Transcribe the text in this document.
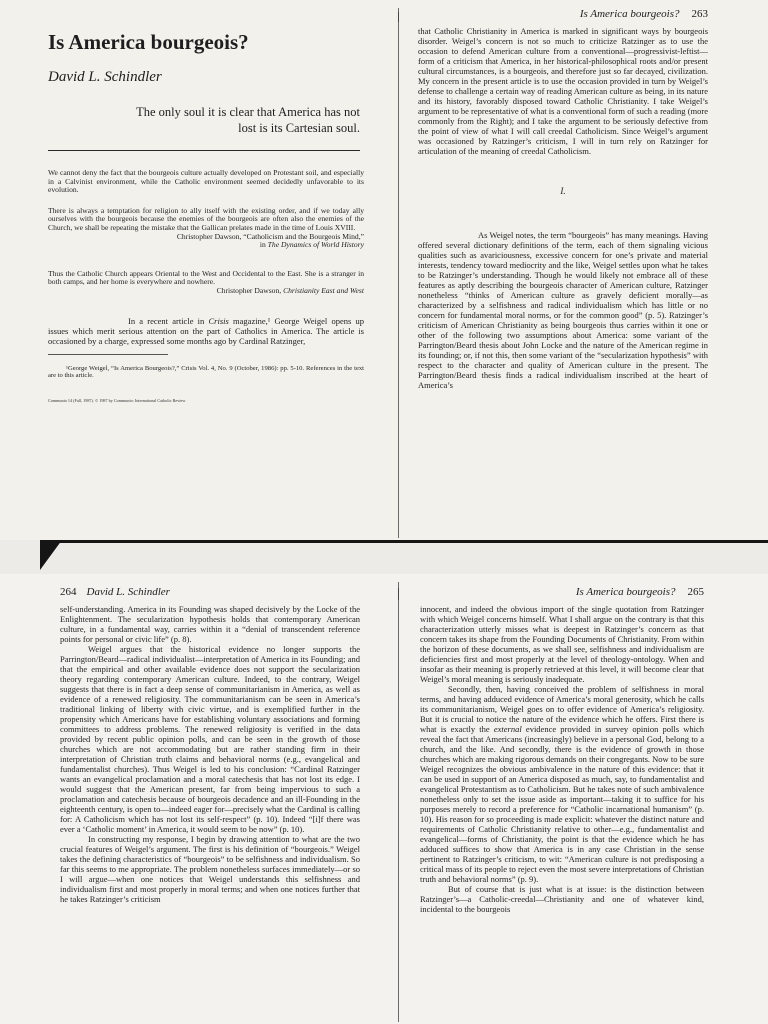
Is America bourgeois?

David L. Schindler

The only soul it is clear that America has not lost is its Cartesian soul.

We cannot deny the fact that the bourgeois culture actually developed on Protestant soil, and especially in a Calvinist environment, while the Catholic environment seemed decidedly unfavorable to its evolution.

There is always a temptation for religion to ally itself with the existing order, and if we today ally ourselves with the bourgeois because the enemies of the bourgeois are often also the enemies of the Church, we shall be repeating the mistake that the Gallican prelates made in the time of Louis XVIII.

Christopher Dawson, “Catholicism and the Bourgeois Mind,”

in The Dynamics of World History

Thus the Catholic Church appears Oriental to the West and Occidental to the East. She is a stranger in both camps, and her home is everywhere and nowhere.

Christopher Dawson, Christianity East and West

In a recent article in Crisis magazine,¹ George Weigel opens up issues which merit serious attention on the part of Catholics in America. The article is occasioned by a charge, expressed some months ago by Cardinal Ratzinger,

¹George Weigel, “Is America Bourgeois?,” Crisis Vol. 4, No. 9 (October, 1986): pp. 5-10. References in the text are to this article.

Communio 14 (Fall, 1987). © 1987 by Communio: International Catholic Review

Is America bourgeois? 263

that Catholic Christianity in America is marked in significant ways by bourgeois disorder. Weigel’s concern is not so much to criticize Ratzinger as to use the occasion to defend American culture from a conventional—progressivist-leftist—form of a criticism that America, in her historical-philosophical roots and/or present cultural circumstances, is a bourgeois, and therefore just so far decayed, civilization. My concern in the present article is to use the occasion provided in turn by Weigel’s defense to challenge a certain way of reading American culture as being, in its nature and its history, favorably disposed toward Catholic Christianity. I take Weigel’s argument to be representative of what is a conventional form of such a reading (more commonly from the Right); and I take the argument to be seriously defective from the point of view of what I will call creedal Catholicism. Since Weigel’s argument was occasioned by Ratzinger’s criticism, I will in turn rely on Ratzinger for articulation of the meaning of creedal Catholicism.

I.

As Weigel notes, the term “bourgeois” has many meanings. Having offered several dictionary definitions of the term, each of them signaling vicious qualities such as avariciousness, excessive concern for one’s private and material interests, tendency toward mediocrity and the like, Weigel settles upon what he takes to be Ratzinger’s understanding. Though he would likely not embrace all of these features as aptly describing the bourgeois character of American culture, Ratzinger nonetheless “thinks of American culture as gravely deficient morally—as characterized by a selfishness and radical individualism which has little or no concern for fundamental moral norms, or for the common good” (p. 5). Ratzinger’s criticism of American Christianity as being bourgeois thus carries within it one or other of the following two assumptions about America: some variant of the Parrington/Beard thesis about John Locke and the nature of the American regime in its founding; or, if not this, then some variant of the “secularization hypothesis” with respect to the character and quality of American culture in the present. The Parrington/Beard thesis finds a radical individualism inscribed at the heart of America’s

264 David L. Schindler

self-understanding. America in its Founding was shaped decisively by the Locke of the Enlightenment. The secularization hypothesis holds that contemporary American culture, in a fundamental way, carries within it a “denial of transcendent reference points for personal or civic life” (p. 8).

Weigel argues that the historical evidence no longer supports the Parrington/Beard—radical individualist—interpretation of America in its Founding; and that the empirical and other available evidence does not support the secularization theory regarding contemporary American culture. Indeed, to the contrary, Weigel suggests that there is in fact a deep sense of communitarianism in America, as well as evidence of a renewed religiosity. The communitarianism can be seen in America’s traditional linking of liberty with civic virtue, and is exemplified further in the propensity which Americans have for establishing voluntary associations and forming committees to address problems. The renewed religiosity is verified in the data provided by recent public opinion polls, and can be seen in the growth of those churches which are not accommodating but are rather standing firm in their interpretation of Christian truth claims and behavioral norms (e.g., evangelical and fundamentalist churches). Thus Weigel is led to his conclusion: “Cardinal Ratzinger wants an evangelical proclamation and a moral catechesis that has not lost its edge. I would suggest that the American present, far from being impervious to such a proclamation and catechesis because of bourgeois decadence and an ill-Founding in the eighteenth century, is open to—indeed eager for—precisely what the Cardinal is calling for: A Catholicism which has not lost its self-respect” (p. 10). Indeed “[i]f there was ever a ‘Catholic moment’ in America, it would seem to be now” (p. 10).

In constructing my response, I begin by drawing attention to what are the two crucial features of Weigel’s argument. The first is his definition of “bourgeois.” Weigel takes the defining characteristics of “bourgeois” to be selfishness and individualism. So far this seems to me appropriate. The problem nonetheless surfaces immediately—or so I will argue—when one notices that Weigel understands this selfishness and individualism first and most properly in moral terms; and when one notices further that he takes Ratzinger’s criticism

Is America bourgeois? 265

innocent, and indeed the obvious import of the single quotation from Ratzinger with which Weigel concerns himself. What I shall argue on the contrary is that this characterization utterly misses what is deepest in Ratzinger’s concern as that concern takes its shape from the Founding Documents of Christianity. From within the horizon of these documents, as we shall see, selfishness and individualism are deficiencies first and most properly at the level of theology-ontology. When and insofar as their meaning is properly retrieved at this level, it will become clear that Weigel’s moral meaning is seriously inadequate.

Secondly, then, having conceived the problem of selfishness in moral terms, and having adduced evidence of America’s moral generosity, which he calls its communitarianism, Weigel goes on to offer evidence of America’s religiosity. But it is crucial to notice the nature of the evidence which he offers. First there is what is exactly the external evidence provided in survey opinion polls which reveal the fact that Americans (increasingly) believe in a personal God, belong to a church, and the like. And secondly, there is the evidence of growth in those churches which are making rigorous demands on their congregants. Now to be sure Weigel recognizes the obvious ambivalence in the nature of this evidence: that it can be used in support of an America disposed as much, say, to fundamentalist and evangelical Protestantism as to Catholicism. But he takes note of such ambivalence nonetheless only to set the issue aside as important—taking it to suffice for his purposes merely to record a preference for “Catholic incarnational humanism” (p. 10). His reason for so proceeding is made explicit: whatever the distinct nature and requirements of Catholic Christianity relative to other—e.g., fundamentalist and evangelical—forms of Christianity, the point is that the evidence which he has adduced suffices to show that America is in any case Christian in the sense pertinent to Ratzinger’s criticism, to wit: “American culture is not predisposing a critical mass of its people to reject even the most severe interpretations of Christian truth and behavioral norms” (p. 9).

But of course that is just what is at issue: is the distinction between Ratzinger’s—a Catholic-creedal—Christianity and one of whatever kind, incidental to the bourgeois
